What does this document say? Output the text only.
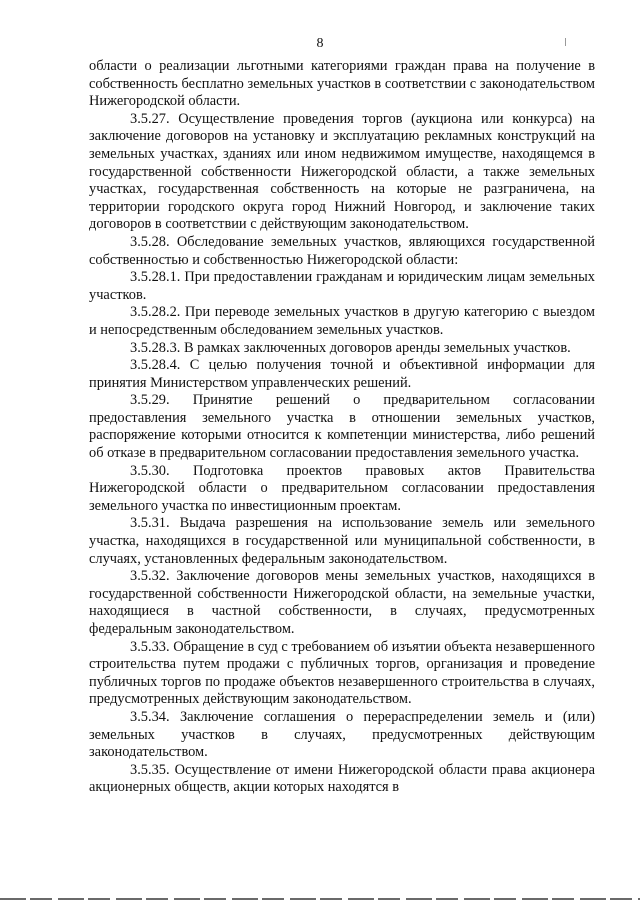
8

области о реализации льготными категориями граждан права на получение в собственность бесплатно земельных участков в соответствии с законодательством Нижегородской области.

3.5.27. Осуществление проведения торгов (аукциона или конкурса) на заключение договоров на установку и эксплуатацию рекламных конструкций на земельных участках, зданиях или ином недвижимом имуществе, находящемся в государственной собственности Нижегородской области, а также земельных участках, государственная собственность на которые не разграничена, на территории городского округа город Нижний Новгород, и заключение таких договоров в соответствии с действующим законодательством.

3.5.28. Обследование земельных участков, являющихся государственной собственностью и собственностью Нижегородской области:

3.5.28.1. При предоставлении гражданам и юридическим лицам земельных участков.

3.5.28.2. При переводе земельных участков в другую категорию с выездом и непосредственным обследованием земельных участков.

3.5.28.3. В рамках заключенных договоров аренды земельных участков.

3.5.28.4. С целью получения точной и объективной информации для принятия Министерством управленческих решений.

3.5.29. Принятие решений о предварительном согласовании предоставления земельного участка в отношении земельных участков, распоряжение которыми относится к компетенции министерства, либо решений об отказе в предварительном согласовании предоставления земельного участка.

3.5.30. Подготовка проектов правовых актов Правительства Нижегородской области о предварительном согласовании предоставления земельного участка по инвестиционным проектам.

3.5.31. Выдача разрешения на использование земель или земельного участка, находящихся в государственной или муниципальной собственности, в случаях, установленных федеральным законодательством.

3.5.32. Заключение договоров мены земельных участков, находящихся в государственной собственности Нижегородской области, на земельные участки, находящиеся в частной собственности, в случаях, предусмотренных федеральным законодательством.

3.5.33. Обращение в суд с требованием об изъятии объекта незавершенного строительства путем продажи с публичных торгов, организация и проведение публичных торгов по продаже объектов незавершенного строительства в случаях, предусмотренных действующим законодательством.

3.5.34. Заключение соглашения о перераспределении земель и (или) земельных участков в случаях, предусмотренных действующим законодательством.

3.5.35. Осуществление от имени Нижегородской области права акционера акционерных обществ, акции которых находятся в
